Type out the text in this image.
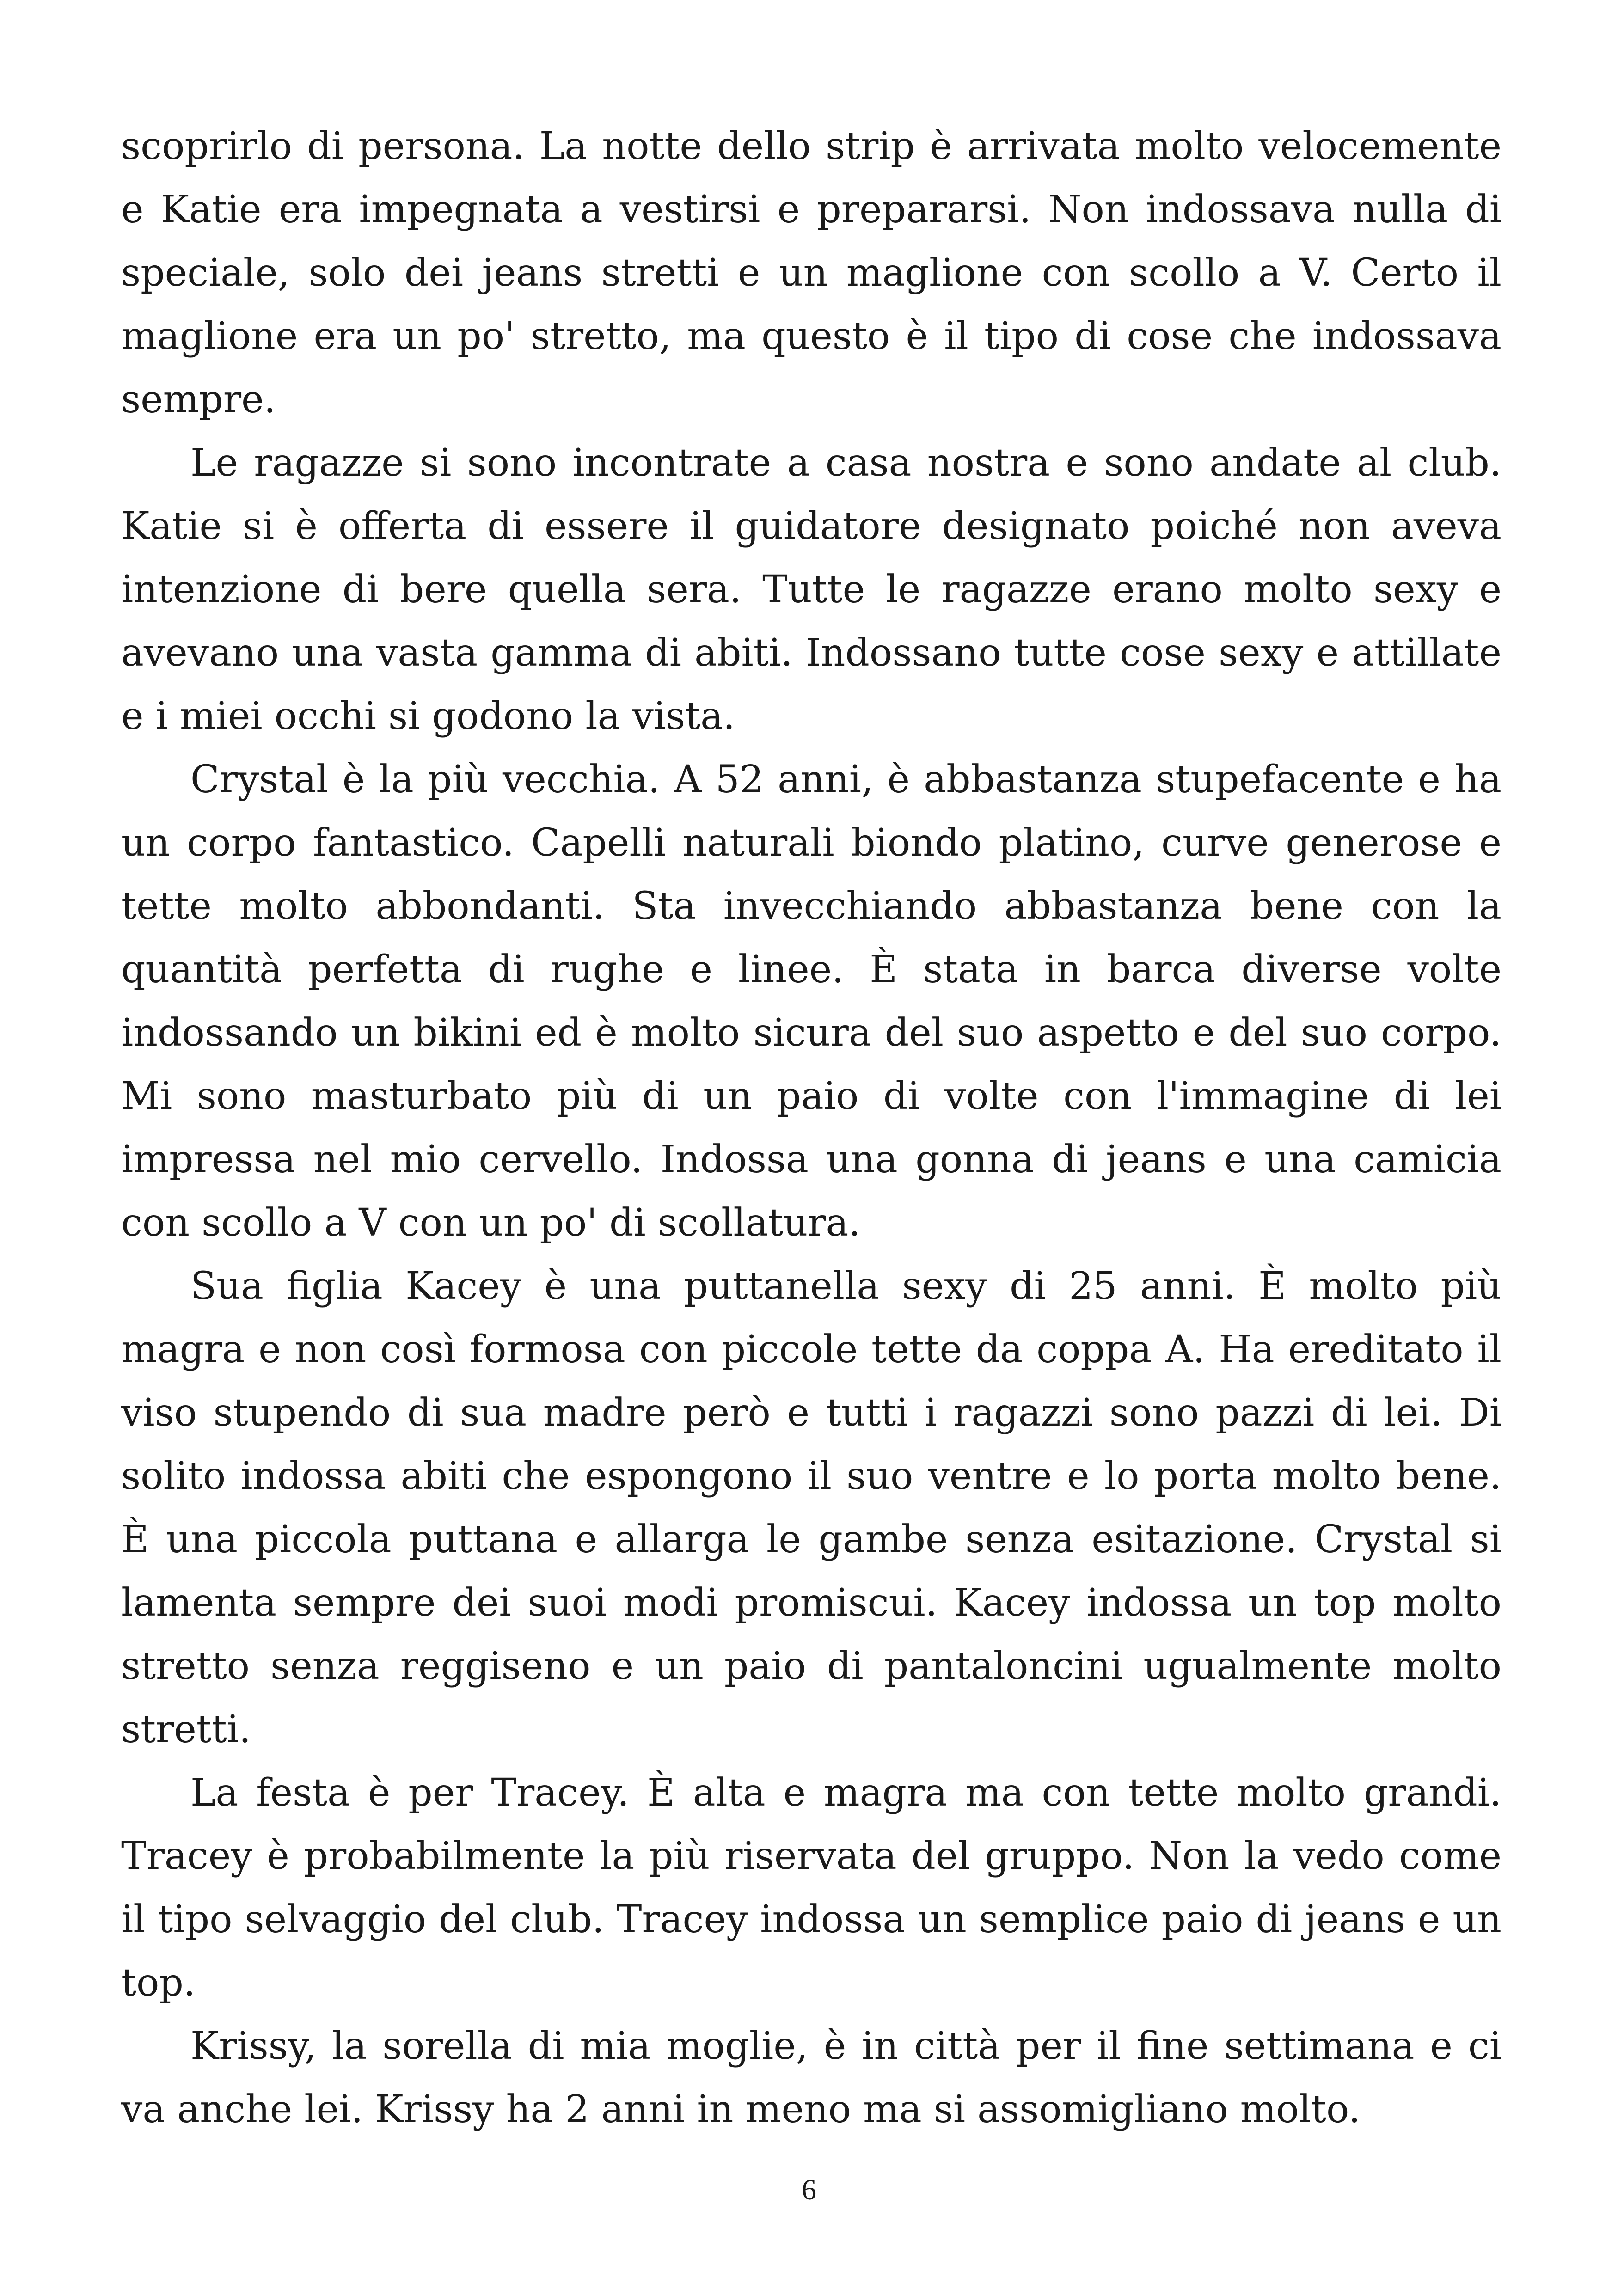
scoprirlo di persona. La notte dello strip è arrivata molto velocemente e Katie era impegnata a vestirsi e prepararsi. Non indossava nulla di speciale, solo dei jeans stretti e un maglione con scollo a V. Certo il maglione era un po' stretto, ma questo è il tipo di cose che indossava sempre.

Le ragazze si sono incontrate a casa nostra e sono andate al club. Katie si è offerta di essere il guidatore designato poiché non aveva intenzione di bere quella sera. Tutte le ragazze erano molto sexy e avevano una vasta gamma di abiti. Indossano tutte cose sexy e attillate e i miei occhi si godono la vista.

Crystal è la più vecchia. A 52 anni, è abbastanza stupefacente e ha un corpo fantastico. Capelli naturali biondo platino, curve generose e tette molto abbondanti. Sta invecchiando abbastanza bene con la quantità perfetta di rughe e linee. È stata in barca diverse volte indossando un bikini ed è molto sicura del suo aspetto e del suo corpo. Mi sono masturbato più di un paio di volte con l'immagine di lei impressa nel mio cervello. Indossa una gonna di jeans e una camicia con scollo a V con un po' di scollatura.

Sua figlia Kacey è una puttanella sexy di 25 anni. È molto più magra e non così formosa con piccole tette da coppa A. Ha ereditato il viso stupendo di sua madre però e tutti i ragazzi sono pazzi di lei. Di solito indossa abiti che espongono il suo ventre e lo porta molto bene. È una piccola puttana e allarga le gambe senza esitazione. Crystal si lamenta sempre dei suoi modi promiscui. Kacey indossa un top molto stretto senza reggiseno e un paio di pantaloncini ugualmente molto stretti.

La festa è per Tracey. È alta e magra ma con tette molto grandi. Tracey è probabilmente la più riservata del gruppo. Non la vedo come il tipo selvaggio del club. Tracey indossa un semplice paio di jeans e un top.

Krissy, la sorella di mia moglie, è in città per il fine settimana e ci va anche lei. Krissy ha 2 anni in meno ma si assomigliano molto.

6
